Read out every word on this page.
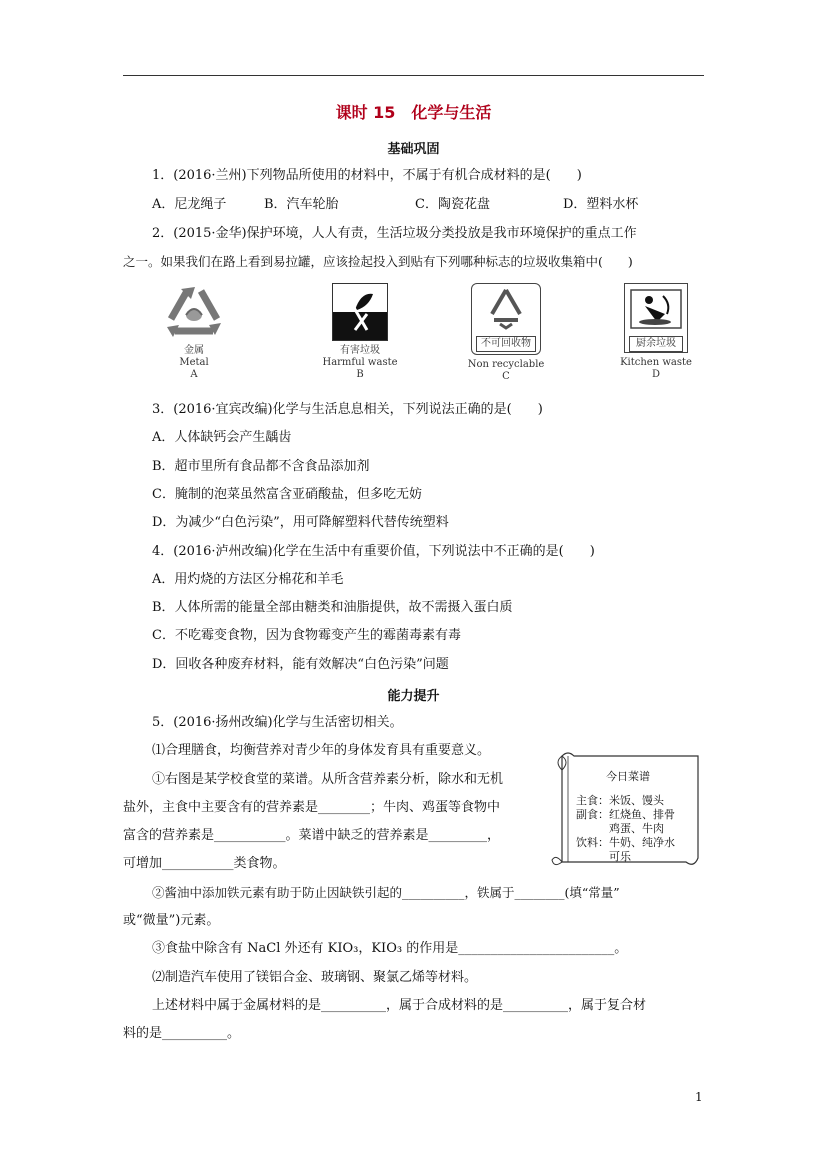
课时 15　化学与生活
基础巩固
1．(2016·兰州)下列物品所使用的材料中，不属于有机合成材料的是(　　)
A．尼龙绳子	B．汽车轮胎	C．陶瓷花盘	D．塑料水杯
2．(2015·金华)保护环境，人人有责，生活垃圾分类投放是我市环境保护的重点工作
之一。如果我们在路上看到易拉罐，应该捡起投入到贴有下列哪种标志的垃圾收集箱中(　　)
金属
Metal
A
有害垃圾
Harmful waste
B
不可回收物
Non recyclable
C
厨余垃圾
Kitchen waste
D
3．(2016·宜宾改编)化学与生活息息相关，下列说法正确的是(　　)
A．人体缺钙会产生龋齿
B．超市里所有食品都不含食品添加剂
C．腌制的泡菜虽然富含亚硝酸盐，但多吃无妨
D．为减少“白色污染”，用可降解塑料代替传统塑料
4．(2016·泸州改编)化学在生活中有重要价值，下列说法中不正确的是(　　)
A．用灼烧的方法区分棉花和羊毛
B．人体所需的能量全部由糖类和油脂提供，故不需摄入蛋白质
C．不吃霉变食物，因为食物霉变产生的霉菌毒素有毒
D．回收各种废弃材料，能有效解决“白色污染”问题
能力提升
5．(2016·扬州改编)化学与生活密切相关。
⑴合理膳食，均衡营养对青少年的身体发育具有重要意义。
①右图是某学校食堂的菜谱。从所含营养素分析，除水和无机
盐外，主食中主要含有的营养素是________；牛肉、鸡蛋等食物中
富含的营养素是___________。菜谱中缺乏的营养素是_________，
可增加___________类食物。
②酱油中添加铁元素有助于防止因缺铁引起的__________，铁属于________(填“常量”
或“微量”)元素。
③食盐中除含有 NaCl 外还有 KIO₃，KIO₃ 的作用是________________________。
⑵制造汽车使用了镁铝合金、玻璃钢、聚氯乙烯等材料。
上述材料中属于金属材料的是__________，属于合成材料的是__________，属于复合材
料的是__________。
今日菜谱
主食：米饭、馒头
副食：红烧鱼、排骨
　　　鸡蛋、牛肉
饮料：牛奶、纯净水
　　　可乐
1
